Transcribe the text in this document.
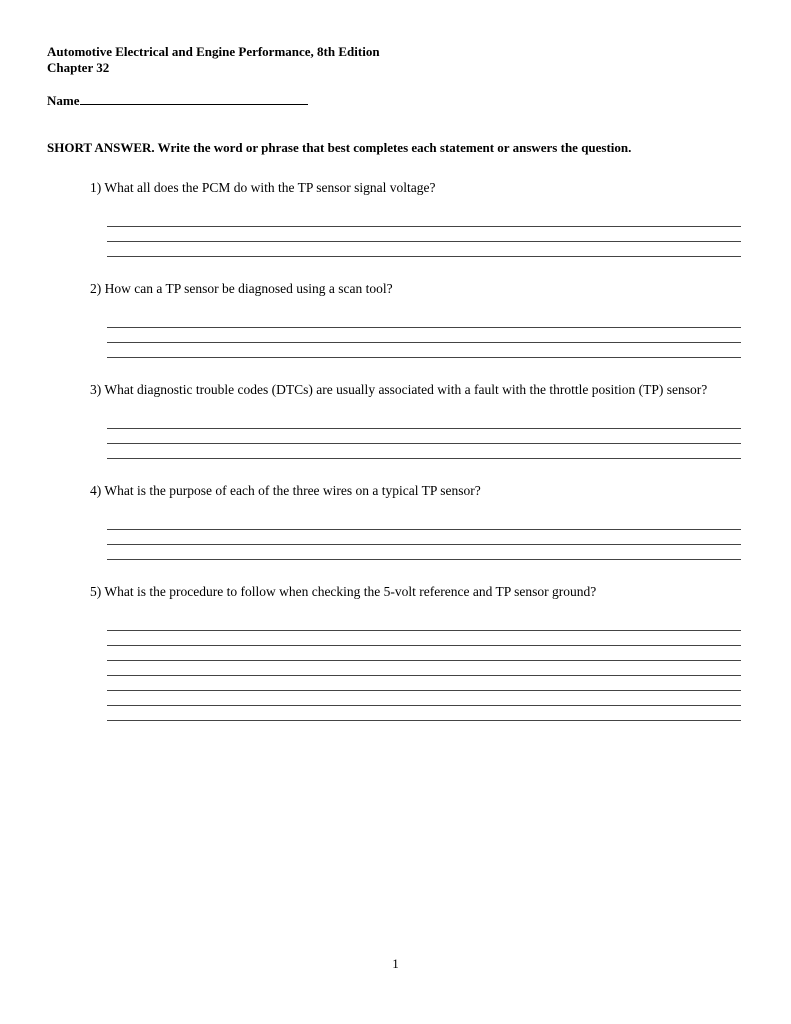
Automotive Electrical and Engine Performance, 8th Edition
Chapter 32
Name
SHORT ANSWER. Write the word or phrase that best completes each statement or answers the question.
1) What all does the PCM do with the TP sensor signal voltage?
2) How can a TP sensor be diagnosed using a scan tool?
3) What diagnostic trouble codes (DTCs) are usually associated with a fault with the throttle position (TP) sensor?
4) What is the purpose of each of the three wires on a typical TP sensor?
5) What is the procedure to follow when checking the 5-volt reference and TP sensor ground?
1
